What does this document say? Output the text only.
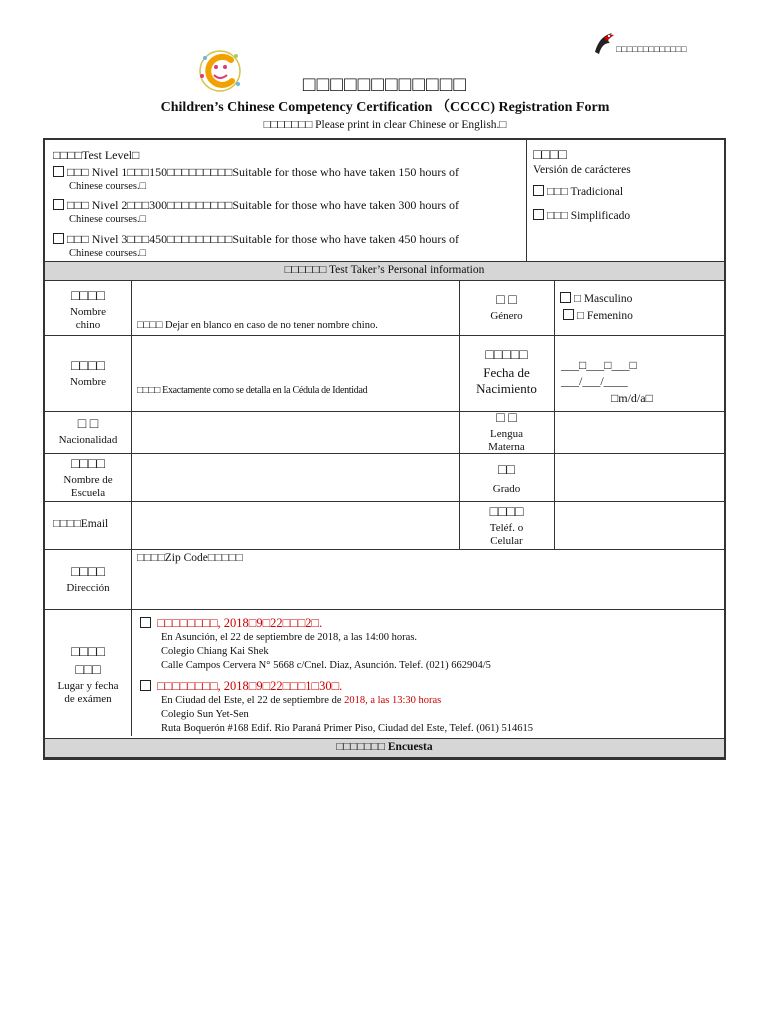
□□□□□□□□□□□□□
□□□□□□□□□□□□
Children’s Chinese Competency Certification （CCCC) Registration Form
□□□□□□□ Please print in clear Chinese or English.□
□□□□Test Level□
□□□ Nivel 1□□□150□□□□□□□□□Suitable for those who have taken 150 hours of
Chinese courses.□
□□□ Nivel 2□□□300□□□□□□□□□Suitable for those who have taken 300 hours of
Chinese courses.□
□□□ Nivel 3□□□450□□□□□□□□□Suitable for those who have taken 450 hours of
Chinese courses.□
□□□□
Versión de carácteres
□□□ Tradicional
□□□ Simplificado
□□□□□□ Test Taker’s Personal information
□□□□
Nombre chino	□□□□ Dejar en blanco en caso de no tener nombre chino.
□ □
Género
□ Masculino
□ Femenino
□□□□
Nombre
□□□□ Exactamente como se detalla en la Cédula de Identidad
□□□□□
Fecha de Nacimiento
___□___□___□
___/___/____
□m/d/a□
□ □
Nacionalidad
□ □
Lengua Materna
□□□□
Nombre de Escuela
□□
Grado
□□□□Email
□□□□
Teléf. o Celular
□□□□
Dirección
□□□□Zip Code□□□□□
□□□□
□□□
Lugar y fecha de exámen
□□□□□□□□, 2018□9□22□□□2□.
En Asunción, el 22 de septiembre de 2018, a las 14:00 horas.
Colegio Chiang Kai Shek
Calle Campos Cervera N° 5668 c/Cnel. Diaz, Asunción. Telef. (021) 662904/5
□□□□□□□□, 2018□9□22□□□1□30□.
En Ciudad del Este, el 22 de septiembre de 2018, a las 13:30 horas
Colegio Sun Yet-Sen
Ruta Boquerón #168 Edif. Rio Paraná Primer Piso, Ciudad del Este, Telef. (061) 514615
□□□□□□□ Encuesta
